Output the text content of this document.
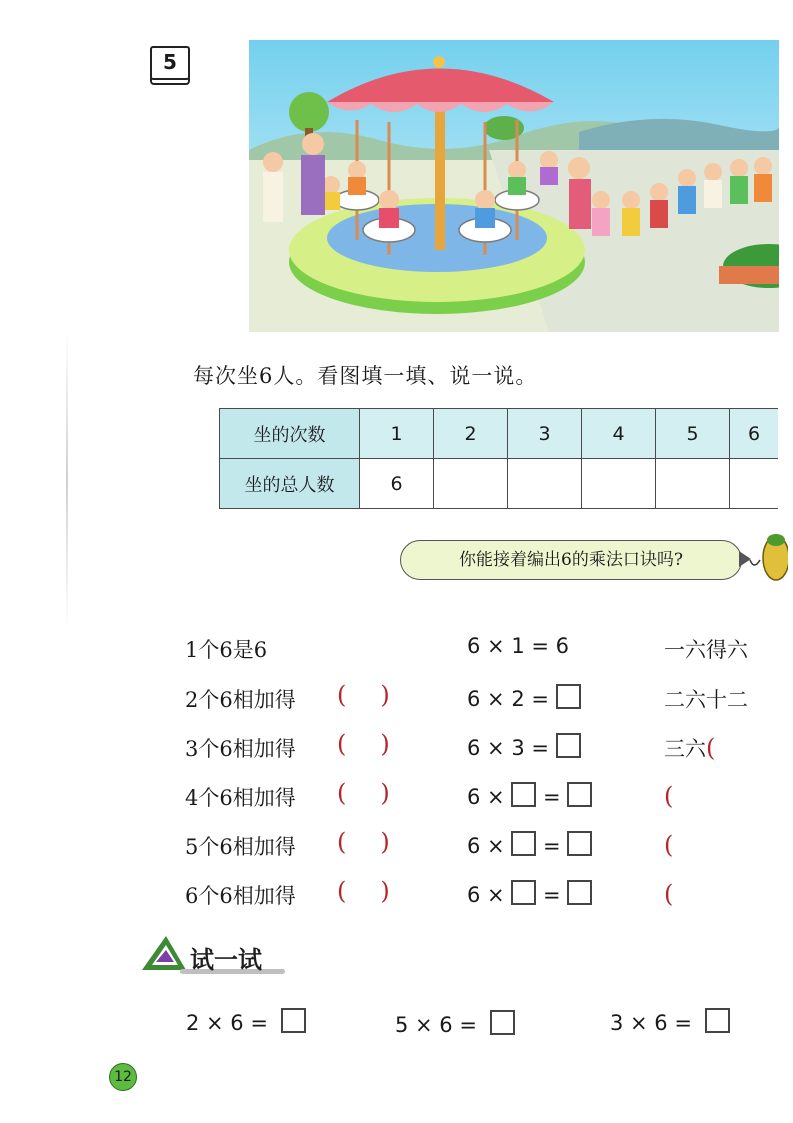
5
每次坐6人。看图填一填、说一说。
坐的次数	1	2	3	4	5	6
坐的总人数	6					
你能接着编出6的乘法口诀吗?
1个6是6	6 × 1 = 6	一六得六
2个6相加得 ( )	6 × 2 =	二六十二
3个6相加得 ( )	6 × 3 =	三六(
4个6相加得 ( )	6 ×  =	(
5个6相加得 ( )	6 ×  =	(
6个6相加得 ( )	6 ×  =	(
试一试
2 × 6 =	5 × 6 =	3 × 6 =
12
